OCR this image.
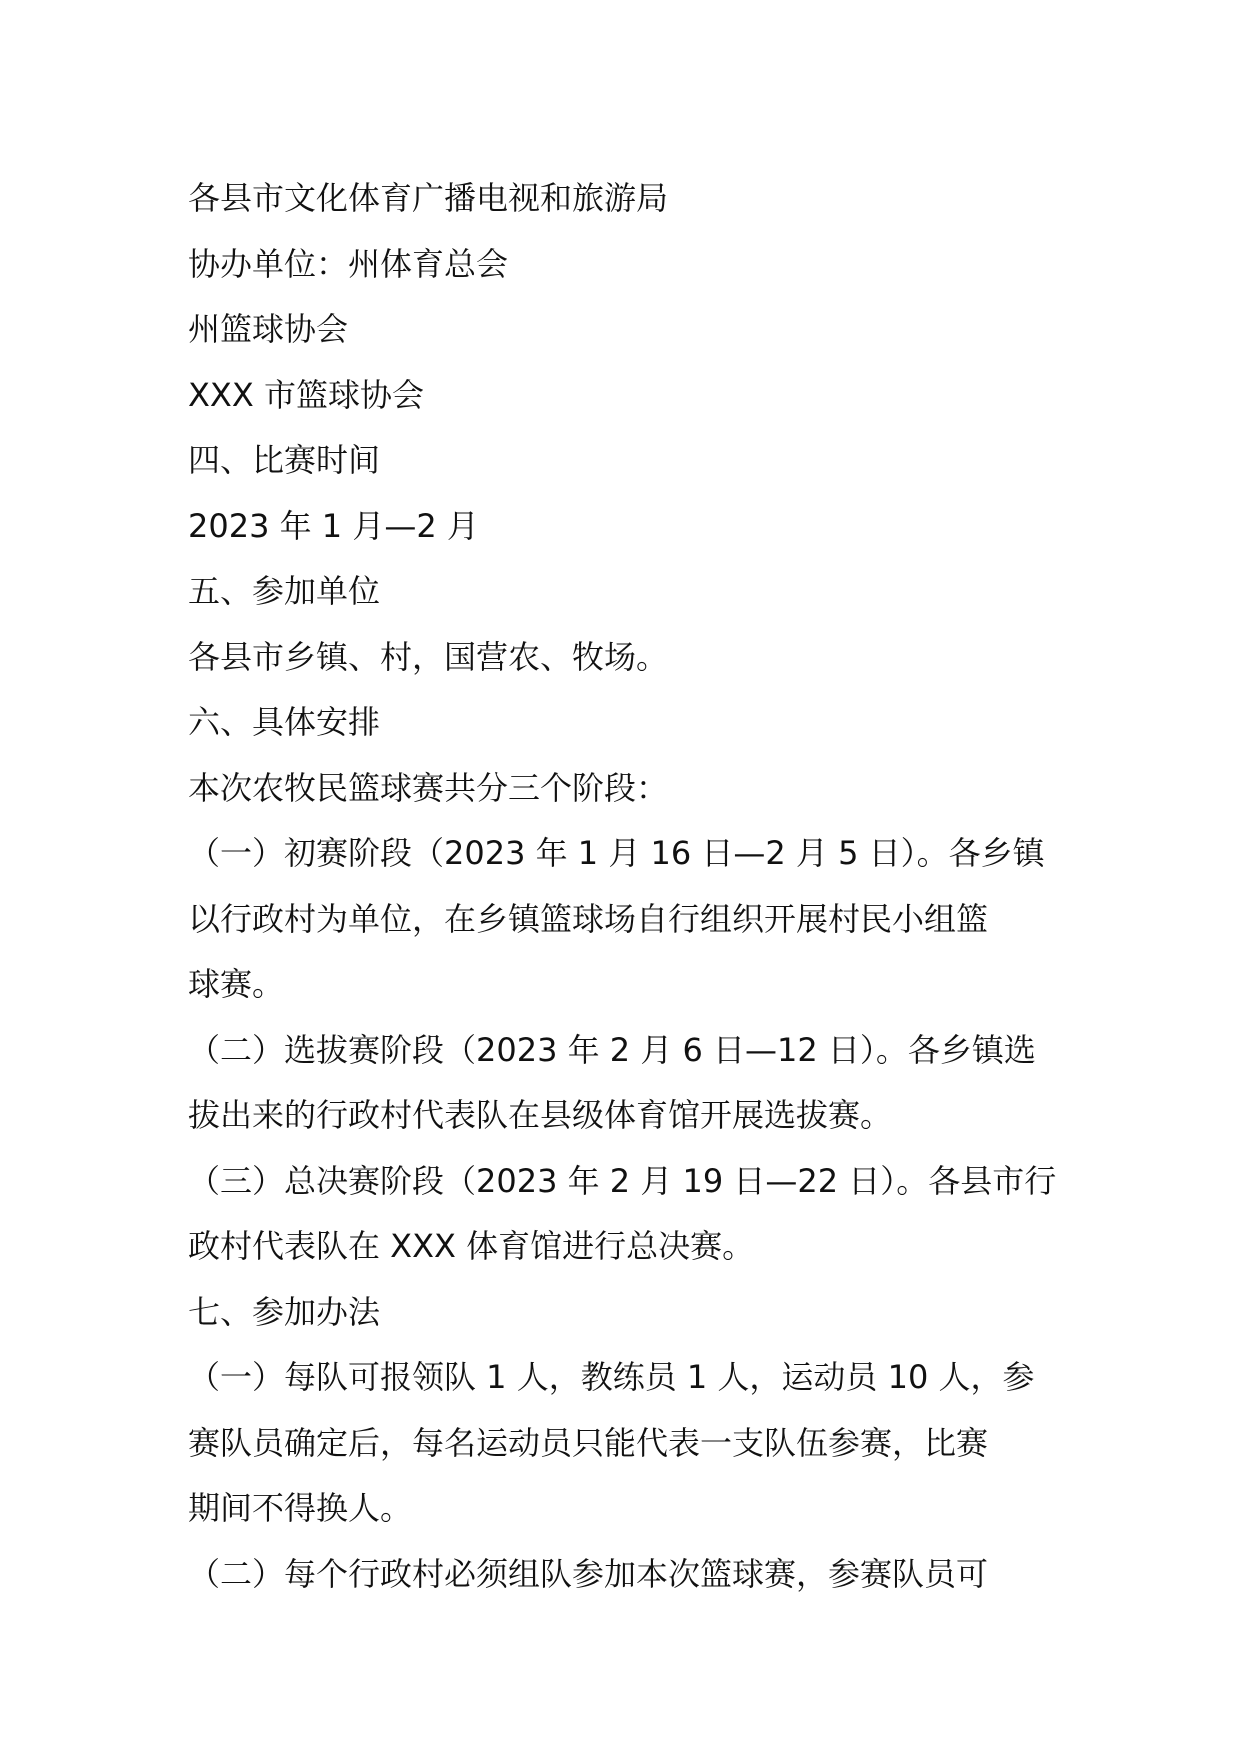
各县市文化体育广播电视和旅游局
协办单位：州体育总会
州篮球协会
XXX 市篮球协会
四、比赛时间
2023 年 1 月—2 月
五、参加单位
各县市乡镇、村，国营农、牧场。
六、具体安排
本次农牧民篮球赛共分三个阶段：
（一）初赛阶段（2023 年 1 月 16 日—2 月 5 日）。各乡镇
以行政村为单位，在乡镇篮球场自行组织开展村民小组篮
球赛。
（二）选拔赛阶段（2023 年 2 月 6 日—12 日）。各乡镇选
拔出来的行政村代表队在县级体育馆开展选拔赛。
（三）总决赛阶段（2023 年 2 月 19 日—22 日）。各县市行
政村代表队在 XXX 体育馆进行总决赛。
七、参加办法
（一）每队可报领队 1 人，教练员 1 人，运动员 10 人，参
赛队员确定后，每名运动员只能代表一支队伍参赛，比赛
期间不得换人。
（二）每个行政村必须组队参加本次篮球赛，参赛队员可
